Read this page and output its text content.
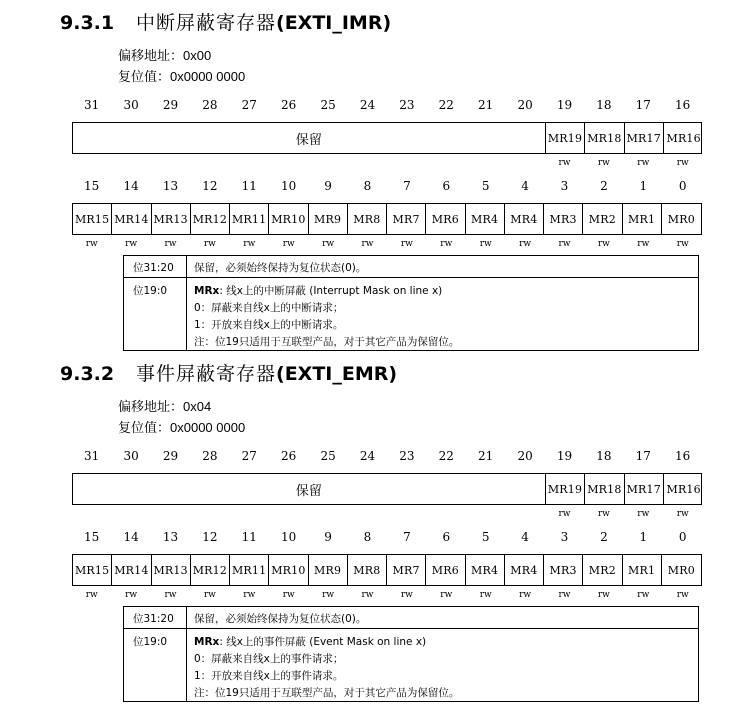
9.3.1 中断屏蔽寄存器(EXTI_IMR)
偏移地址：0x00
复位值：0x0000 0000
31	30	29	28	27	26	25	24	23	22	21	20	19	18	17	16
保留	MR19 MR18 MR17 MR16
rw	rw	rw	rw
15	14	13	12	11	10	9	8	7	6	5	4	3	2	1	0
MR15 MR14 MR13 MR12 MR11 MR10 MR9	MR8	MR7	MR6	MR4	MR4	MR3	MR2	MR1	MR0
rw	rw	rw	rw	rw	rw	rw	rw	rw	rw	rw	rw	rw	rw	rw	rw
位31:20 保留，必须始终保持为复位状态(0)。
位19:0	MRx: 线x上的中断屏蔽 (Interrupt Mask on line x)
0：屏蔽来自线x上的中断请求；
1：开放来自线x上的中断请求。
注：位19只适用于互联型产品，对于其它产品为保留位。
9.3.2 事件屏蔽寄存器(EXTI_EMR)
偏移地址：0x04
复位值：0x0000 0000
31	30	29	28	27	26	25	24	23	22	21	20	19	18	17	16
保留	MR19 MR18 MR17 MR16
rw	rw	rw	rw
15	14	13	12	11	10	9	8	7	6	5	4	3	2	1	0
MR15 MR14 MR13 MR12 MR11 MR10 MR9	MR8	MR7	MR6	MR4	MR4	MR3	MR2	MR1	MR0
rw	rw	rw	rw	rw	rw	rw	rw	rw	rw	rw	rw	rw	rw	rw	rw
位31:20 保留，必须始终保持为复位状态(0)。
位19:0	MRx: 线x上的事件屏蔽 (Event Mask on line x)
0：屏蔽来自线x上的事件请求；
1：开放来自线x上的事件请求。
注：位19只适用于互联型产品，对于其它产品为保留位。
